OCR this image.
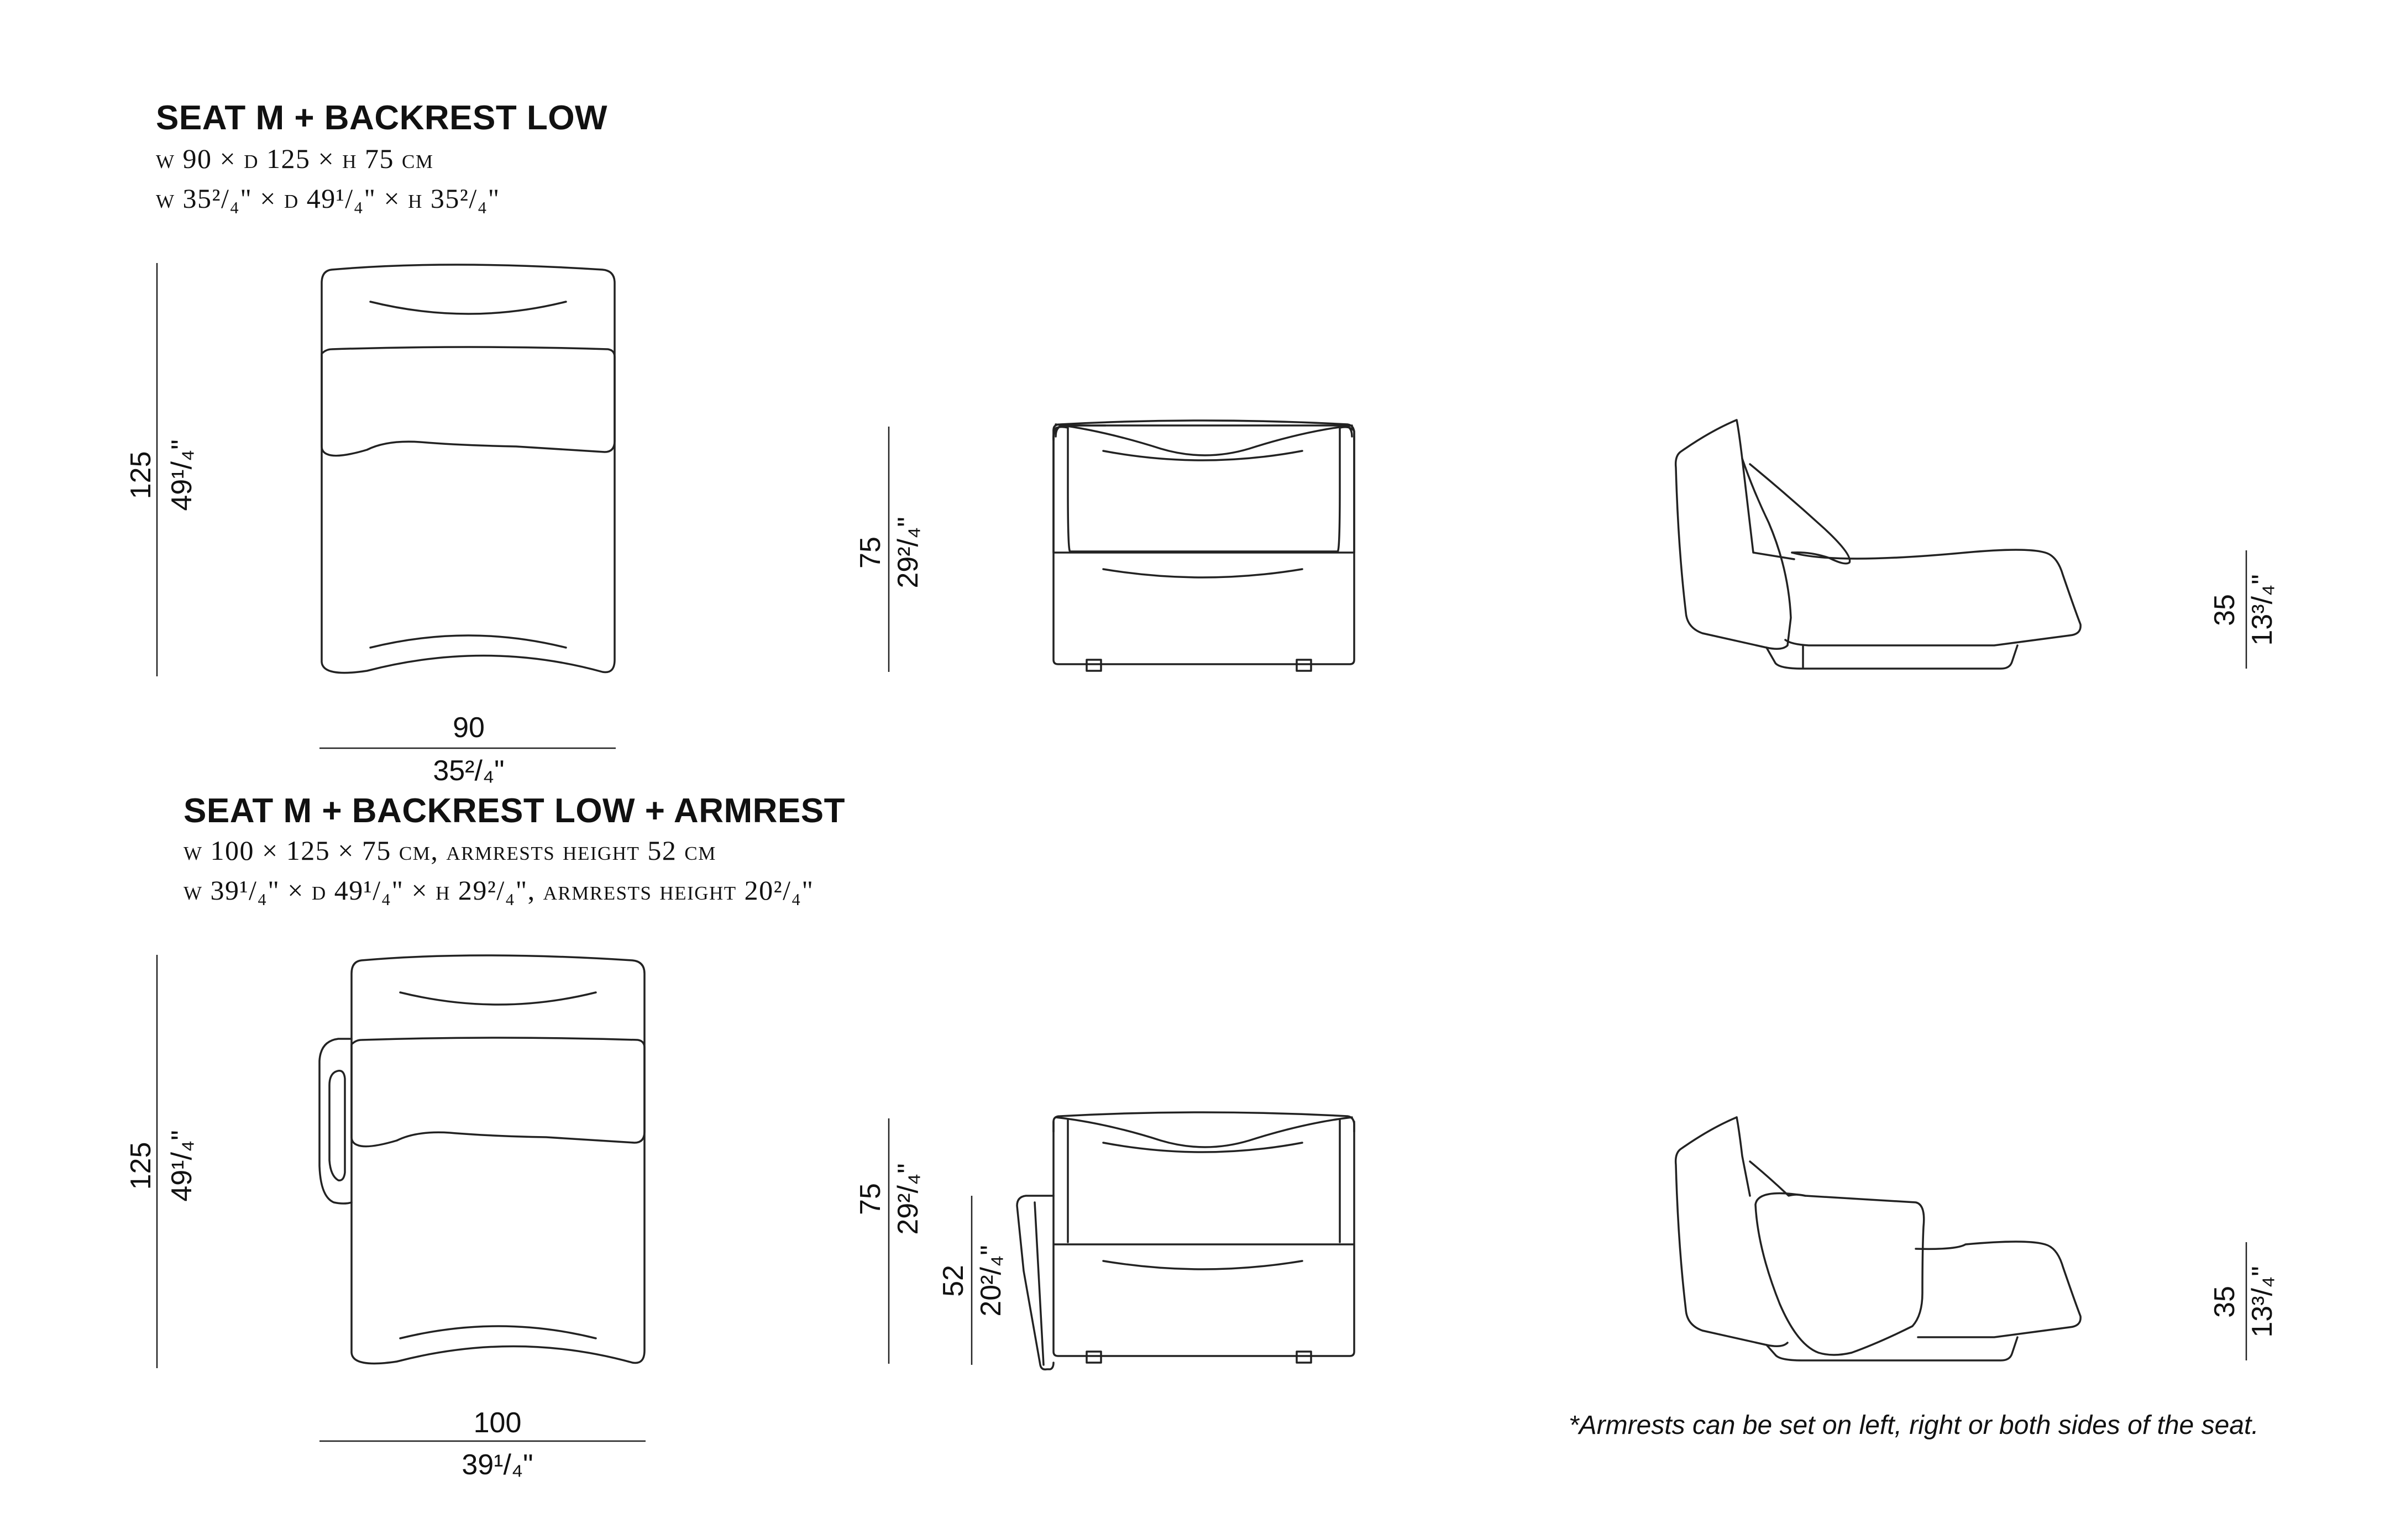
SEAT M + BACKREST LOW
w 90 × d 125 × h 75 cm
w 35²/₄" × d 49¹/₄" × h 35²/₄"
SEAT M + BACKREST LOW + ARMREST
w 100 × 125 × 75 cm, armrests height 52 cm
w 39¹/₄" × d 49¹/₄" × h 29²/₄", armrests height 20²/₄"
*Armrests can be set on left, right or both sides of the seat.
125 49¹/₄"
90
35²/₄"
75 29²/₄"
35 13³/₄"
125 49¹/₄"
100
39¹/₄"
75 29²/₄"
52 20²/₄"	35 13³/₄"
